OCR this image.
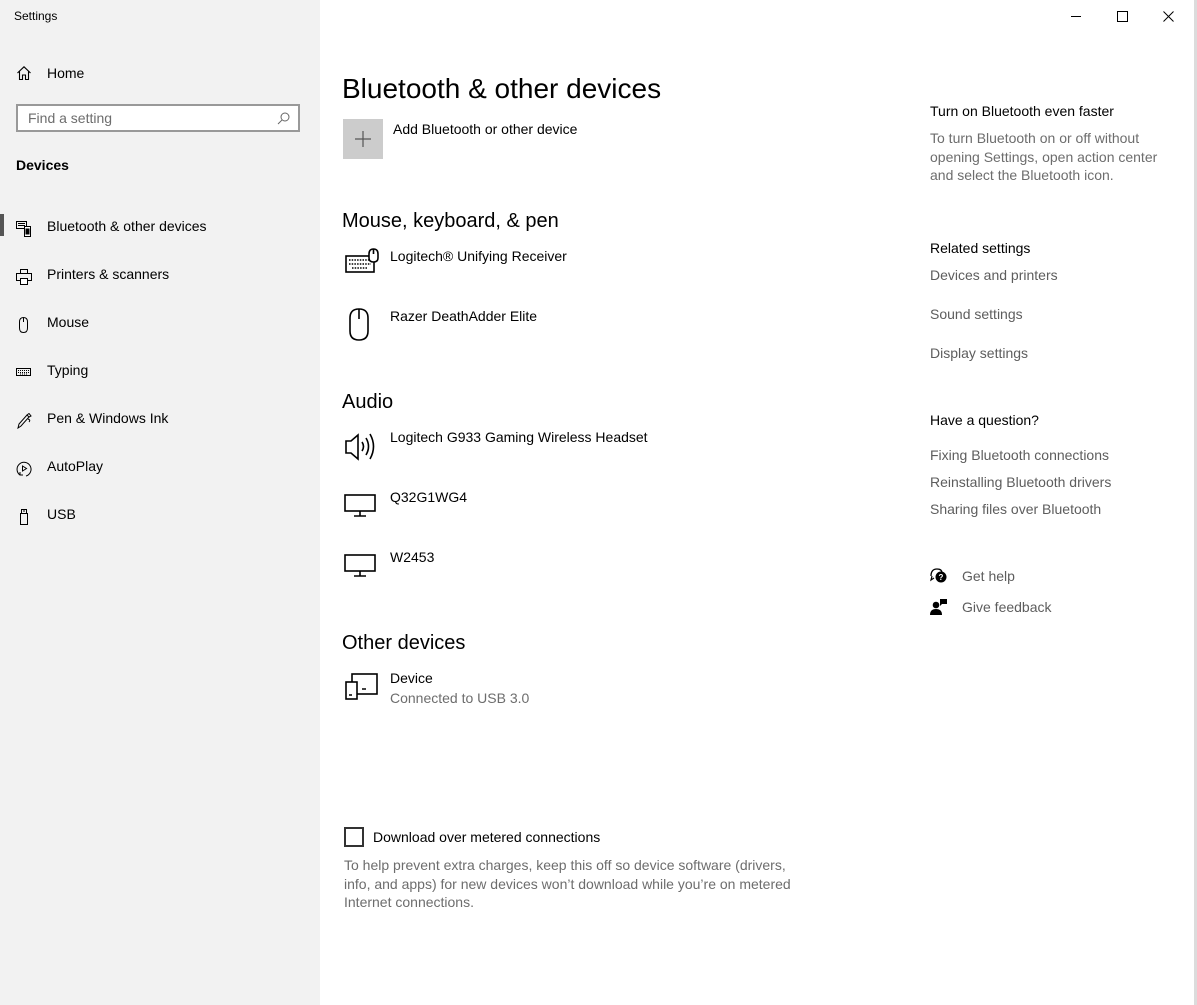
Settings
Home
Find a setting
Devices
Bluetooth & other devices
Printers & scanners
Mouse
Typing
Pen & Windows Ink
AutoPlay
USB
Bluetooth & other devices
Add Bluetooth or other device
Mouse, keyboard, & pen
Logitech® Unifying Receiver
Razer DeathAdder Elite
Audio
Logitech G933 Gaming Wireless Headset
Q32G1WG4
W2453
Other devices
Device
Connected to USB 3.0
Download over metered connections
To help prevent extra charges, keep this off so device software (drivers, info, and apps) for new devices won’t download while you’re on metered Internet connections.
Turn on Bluetooth even faster
To turn Bluetooth on or off without opening Settings, open action center and select the Bluetooth icon.
Related settings
Devices and printers
Sound settings
Display settings
Have a question?
Fixing Bluetooth connections
Reinstalling Bluetooth drivers
Sharing files over Bluetooth
? Get help
Give feedback
